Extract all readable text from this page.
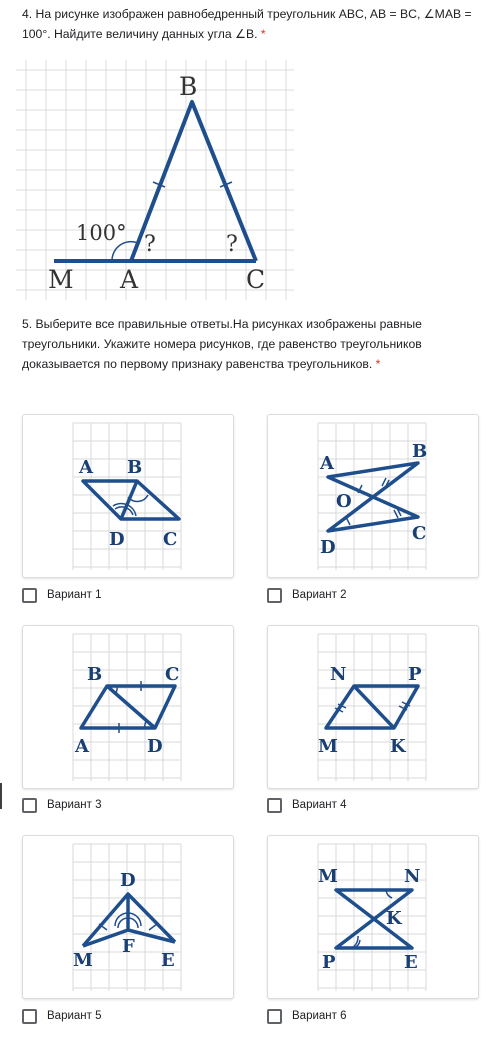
4. На рисунке изображен равнобедренный треугольник ABC, AB = BC, ∠MAB = 100°. Найдите величину данных угла ∠B. *
B
100° ?	?
M A	C
5. Выберите все правильные ответы.На рисунках изображены равные треугольники. Укажите номера рисунков, где равенство треугольников доказывается по первому признаку равенства треугольников. *
A B
D C
Вариант 1
A
B
O
C
D
Вариант 2
B	C
A	D
Вариант 3
N	P
M	K
Вариант 4
D
F
M	E
Вариант 5
M	N
K
P	E
Вариант 6
